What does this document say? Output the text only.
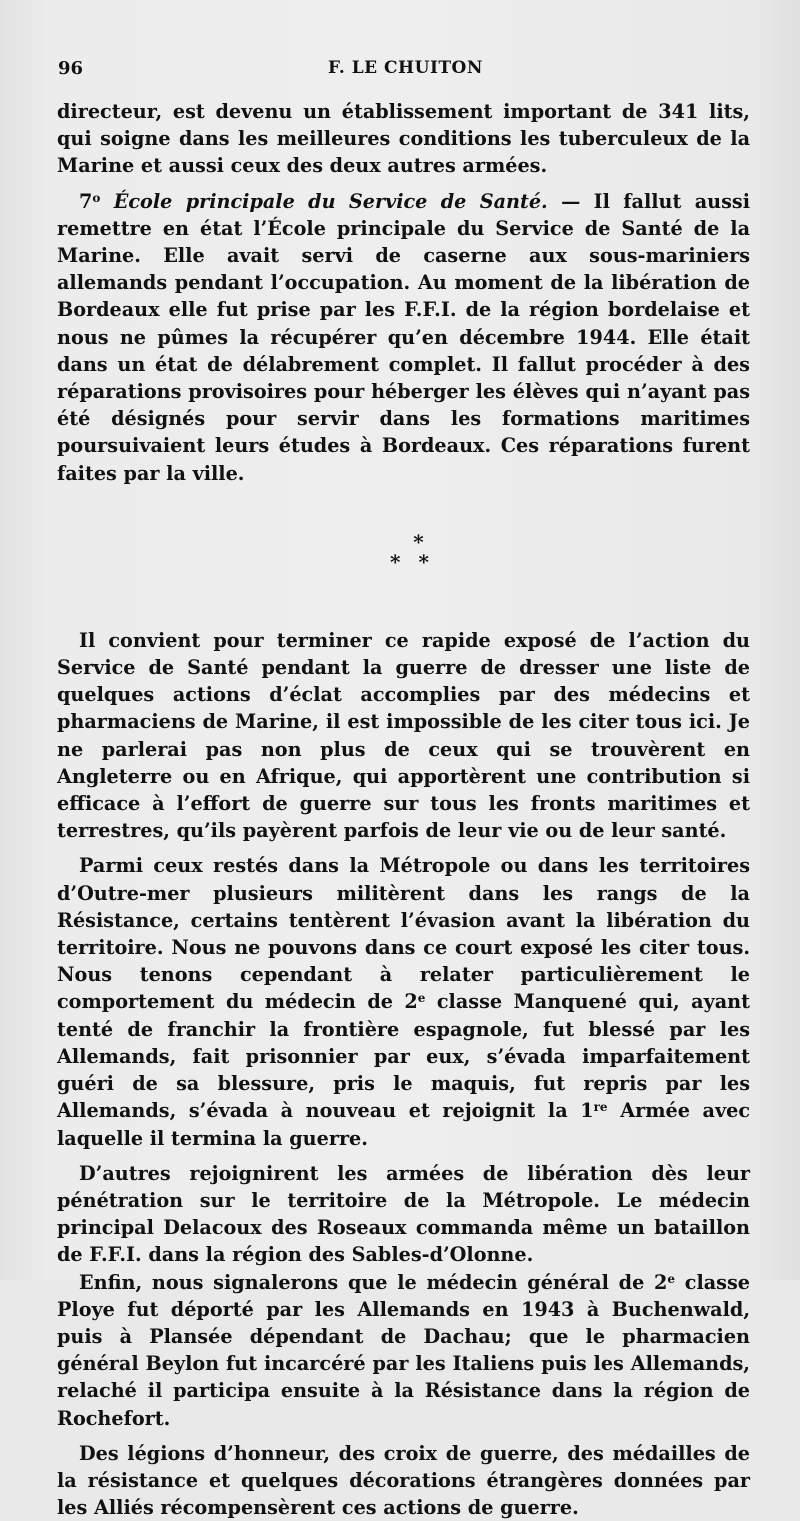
96	F. LE CHUITON

directeur, est devenu un établissement important de 341 lits, qui soigne dans les meilleures conditions les tuberculeux de la Marine et aussi ceux des deux autres armées.

7$^o$ École principale du Service de Santé. — Il fallut aussi remettre en état l’École principale du Service de Santé de la Marine. Elle avait servi de caserne aux sous-mariniers allemands pendant l’occupation. Au moment de la libération de Bordeaux elle fut prise par les F.F.I. de la région bordelaise et nous ne pûmes la récupérer qu’en décembre 1944. Elle était dans un état de délabrement complet. Il fallut procéder à des réparations provisoires pour héberger les élèves qui n’ayant pas été désignés pour servir dans les formations maritimes poursuivaient leurs études à Bordeaux. Ces réparations furent faites par la ville.

*
**

Il convient pour terminer ce rapide exposé de l’action du Service de Santé pendant la guerre de dresser une liste de quelques actions d’éclat accomplies par des médecins et pharmaciens de Marine, il est impossible de les citer tous ici. Je ne parlerai pas non plus de ceux qui se trouvèrent en Angleterre ou en Afrique, qui apportèrent une contribution si efficace à l’effort de guerre sur tous les fronts maritimes et terrestres, qu’ils payèrent parfois de leur vie ou de leur santé.

Parmi ceux restés dans la Métropole ou dans les territoires d’Outre-mer plusieurs militèrent dans les rangs de la Résistance, certains tentèrent l’évasion avant la libération du territoire. Nous ne pouvons dans ce court exposé les citer tous. Nous tenons cependant à relater particulièrement le comportement du médecin de 2e classe Manquené qui, ayant tenté de franchir la frontière espagnole, fut blessé par les Allemands, fait prisonnier par eux, s’évada imparfaitement guéri de sa blessure, pris le maquis, fut repris par les Allemands, s’évada à nouveau et rejoignit la 1re Armée avec laquelle il termina la guerre.

D’autres rejoignirent les armées de libération dès leur pénétration sur le territoire de la Métropole. Le médecin principal Delacoux des Roseaux commanda même un bataillon de F.F.I. dans la région des Sables-d’Olonne.

Enfin, nous signalerons que le médecin général de 2e classe Ploye fut déporté par les Allemands en 1943 à Buchenwald, puis à Plansée dépendant de Dachau; que le pharmacien général Beylon fut incarcéré par les Italiens puis les Allemands, relaché il participa ensuite à la Résistance dans la région de Rochefort.

Des légions d’honneur, des croix de guerre, des médailles de la résistance et quelques décorations étrangères données par les Alliés récompensèrent ces actions de guerre.
